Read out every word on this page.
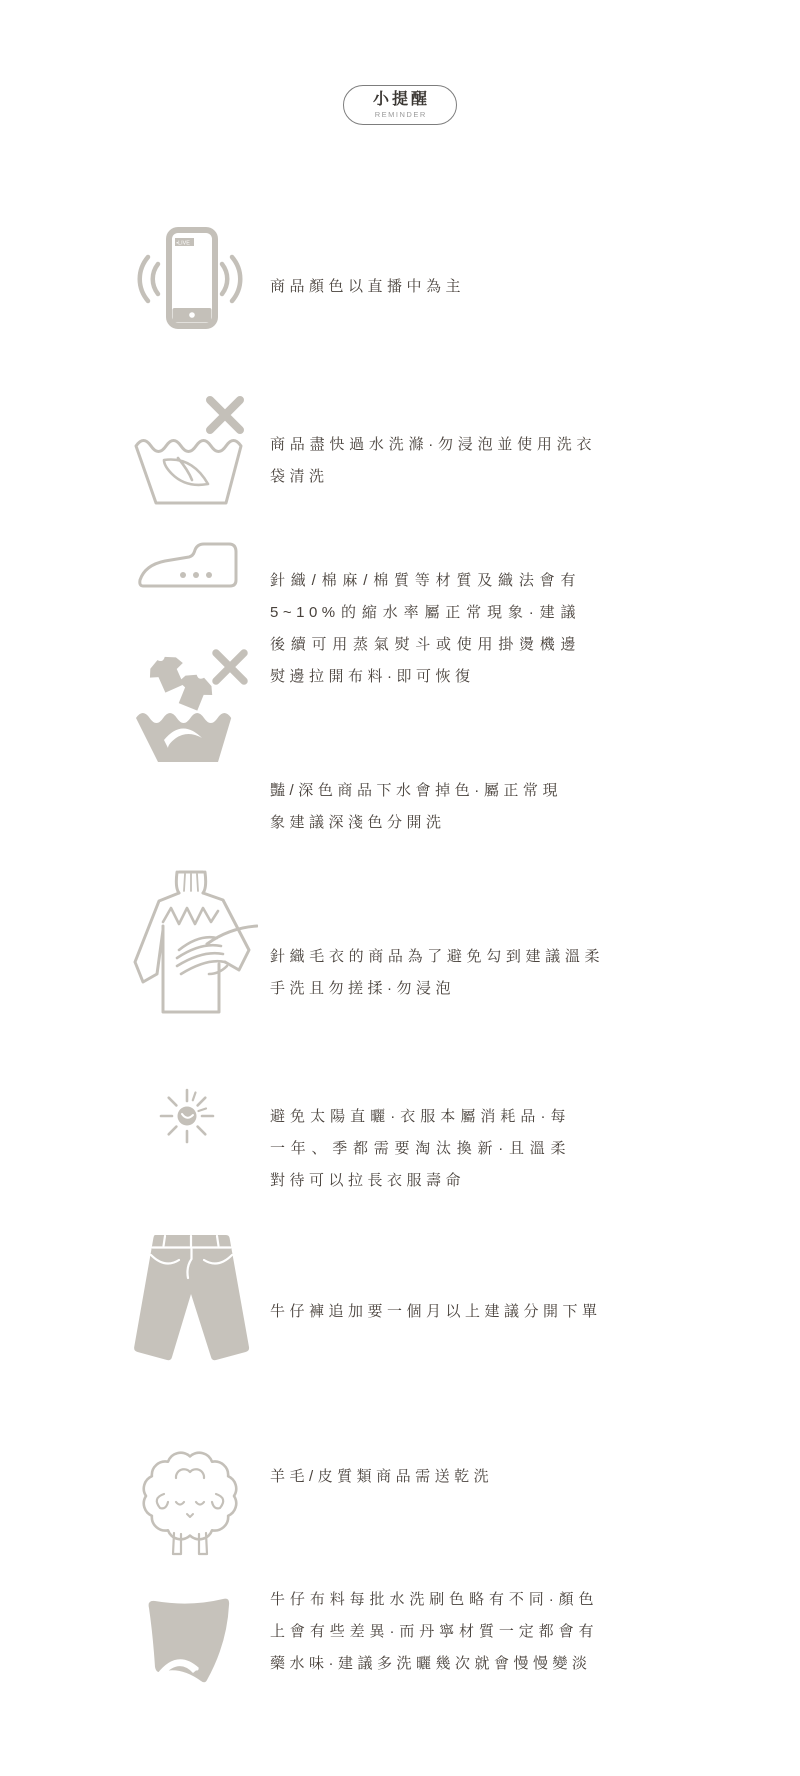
小提醒
REMINDER
•LIVE

商品顏色以直播中為主

商品盡快過水洗滌·勿浸泡並使用洗衣袋清洗

針織/棉麻/棉質等材質及織法會有5~10%的縮水率屬正常現象·建議後續可用蒸氣熨斗或使用掛燙機邊熨邊拉開布料·即可恢復

豔/深色商品下水會掉色·屬正常現象建議深淺色分開洗

針織毛衣的商品為了避免勾到建議溫柔手洗且勿搓揉·勿浸泡

避免太陽直曬·衣服本屬消耗品·每一年、季都需要淘汰換新·且溫柔對待可以拉長衣服壽命

牛仔褲追加要一個月以上建議分開下單

羊毛/皮質類商品需送乾洗

牛仔布料每批水洗刷色略有不同·顏色上會有些差異·而丹寧材質一定都會有藥水味·建議多洗曬幾次就會慢慢變淡
